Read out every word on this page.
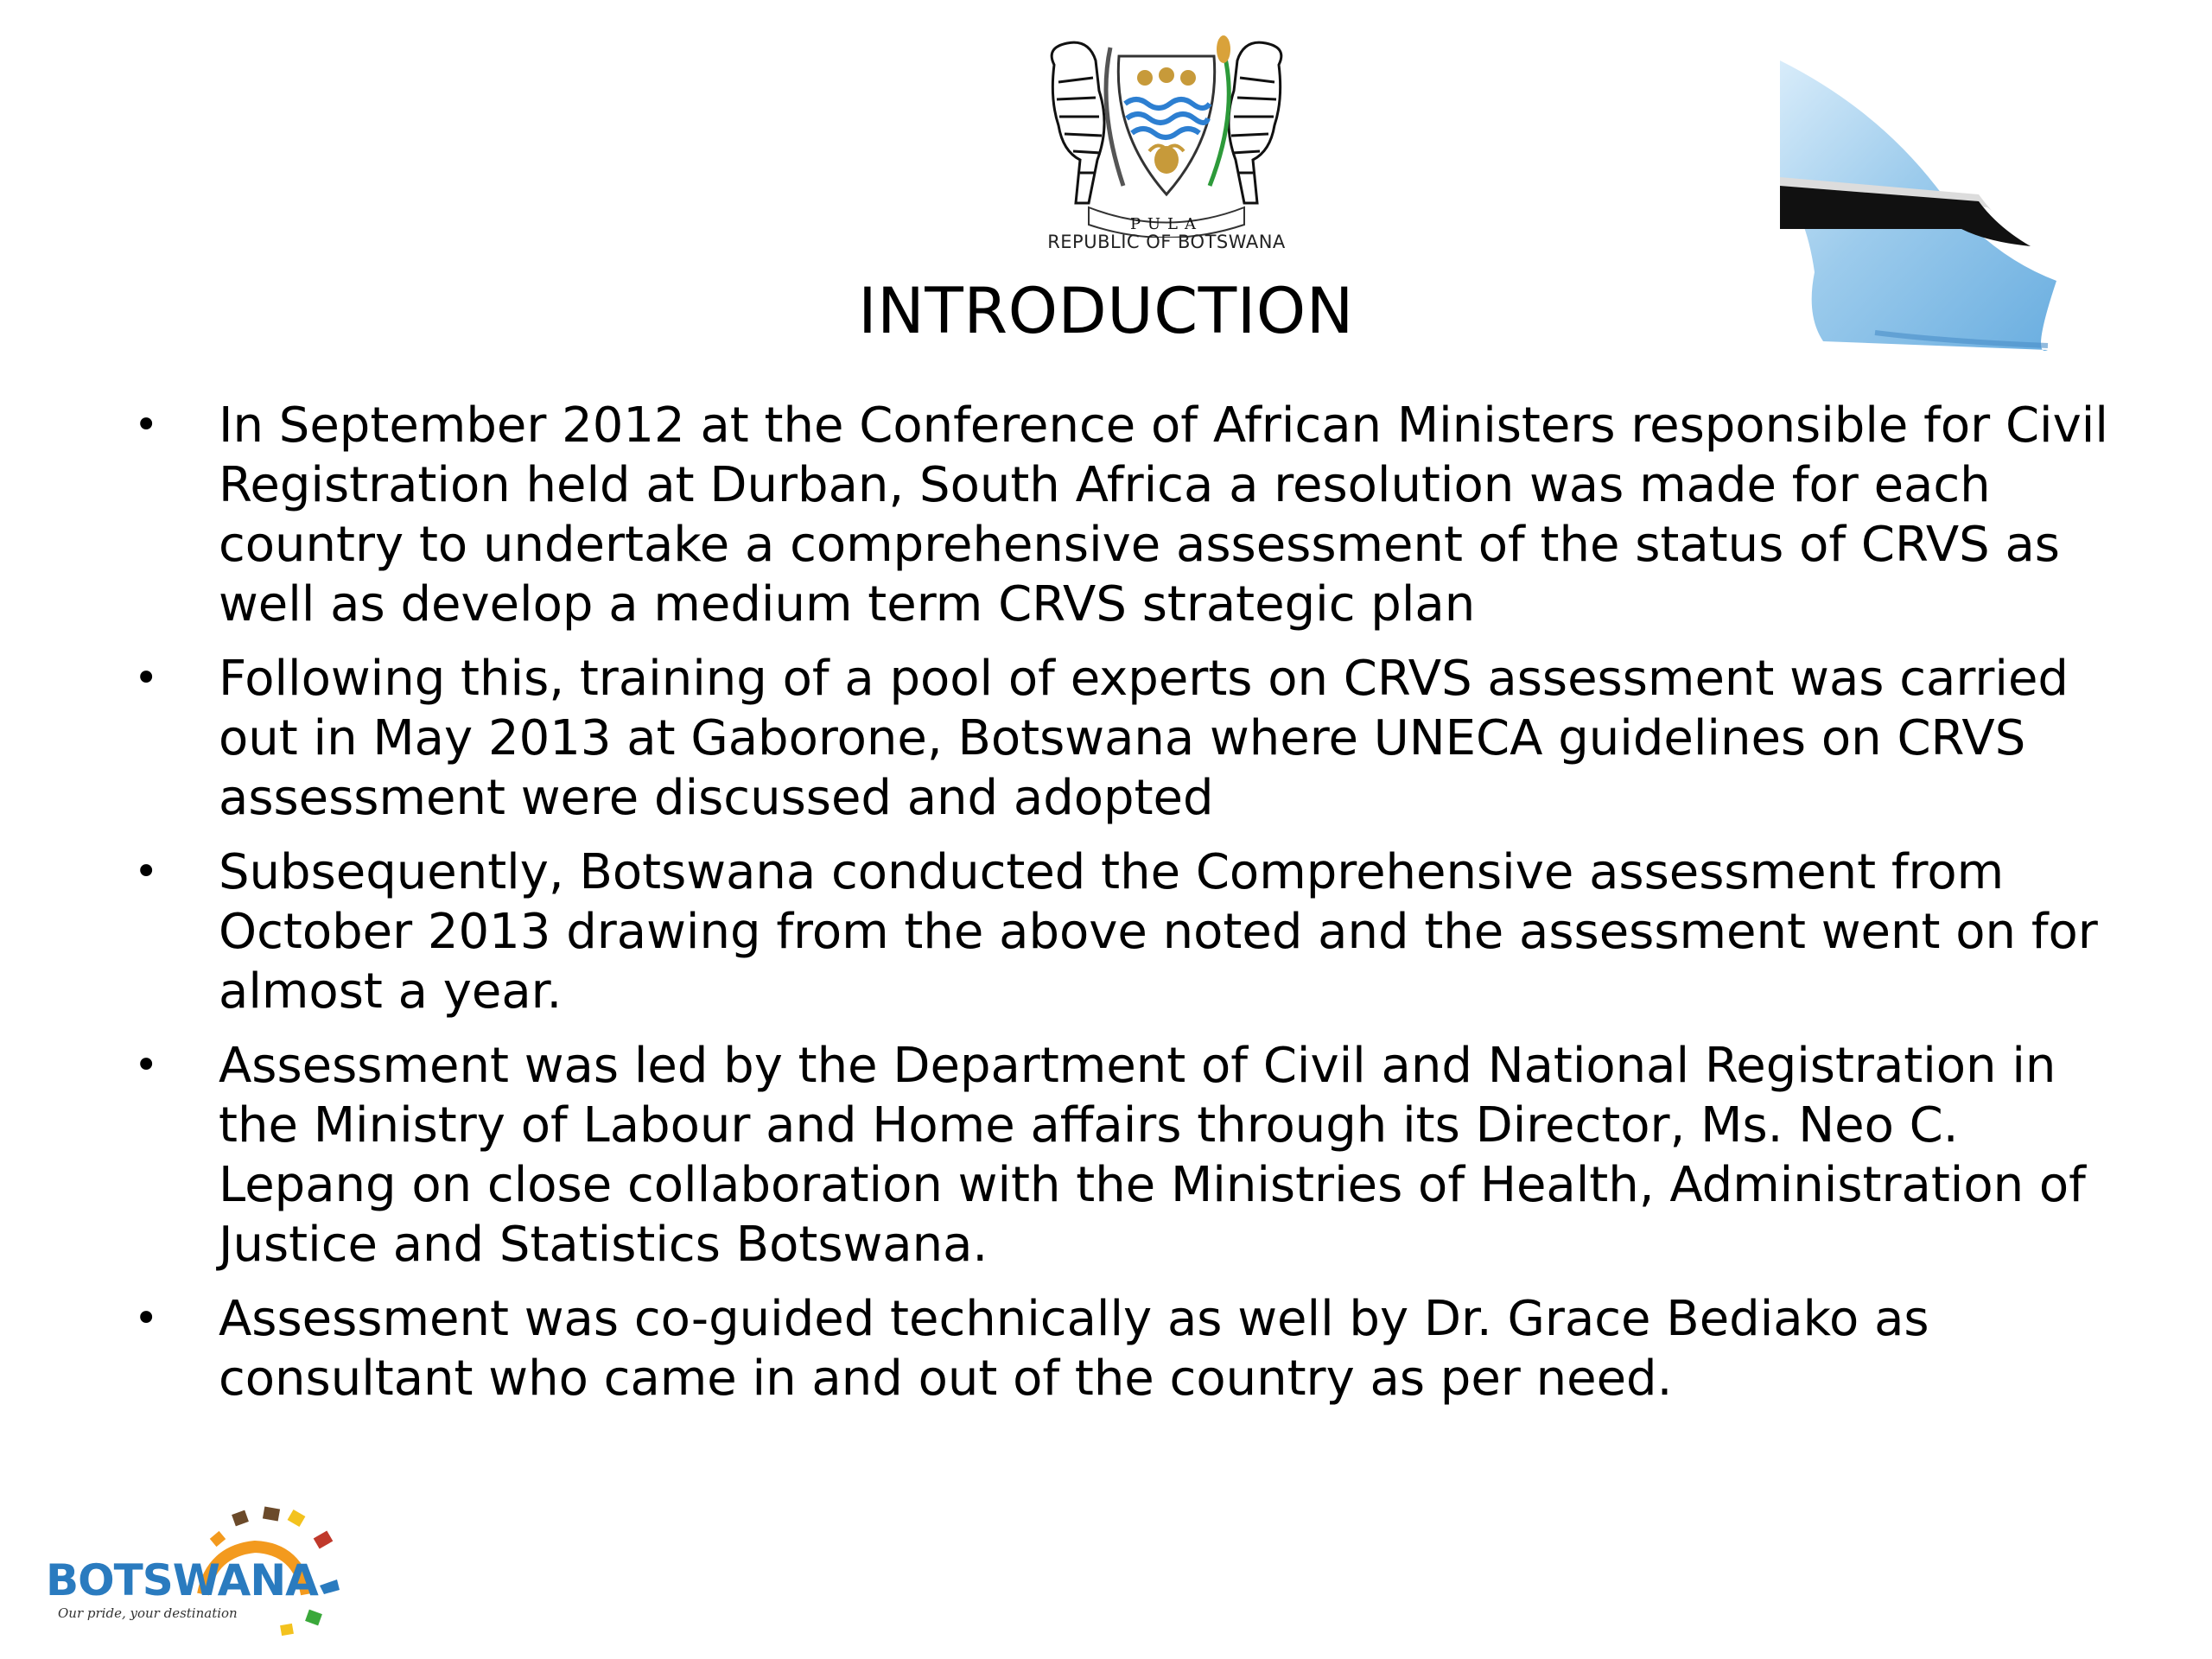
PULA
REPUBLIC OF BOTSWANA
INTRODUCTION
• In September 2012 at the Conference of African Ministers responsible for Civil Registration held at Durban, South Africa a resolution was made for each country to undertake a comprehensive assessment of the status of CRVS as well as develop a medium term CRVS strategic plan
• Following this, training of a pool of experts on CRVS assessment was carried out in May 2013 at Gaborone, Botswana where UNECA guidelines on CRVS assessment were discussed and adopted
• Subsequently, Botswana conducted the Comprehensive assessment from October 2013 drawing from the above noted and the assessment went on for almost a year.
• Assessment was led by the Department of Civil and National Registration in the Ministry of Labour and Home affairs through its Director, Ms. Neo C. Lepang on close collaboration with the Ministries of Health, Administration of Justice and Statistics Botswana.
• Assessment was co-guided technically as well by Dr. Grace Bediako as consultant who came in and out of the country as per need.
BOTSWANA
Our pride, your destination
